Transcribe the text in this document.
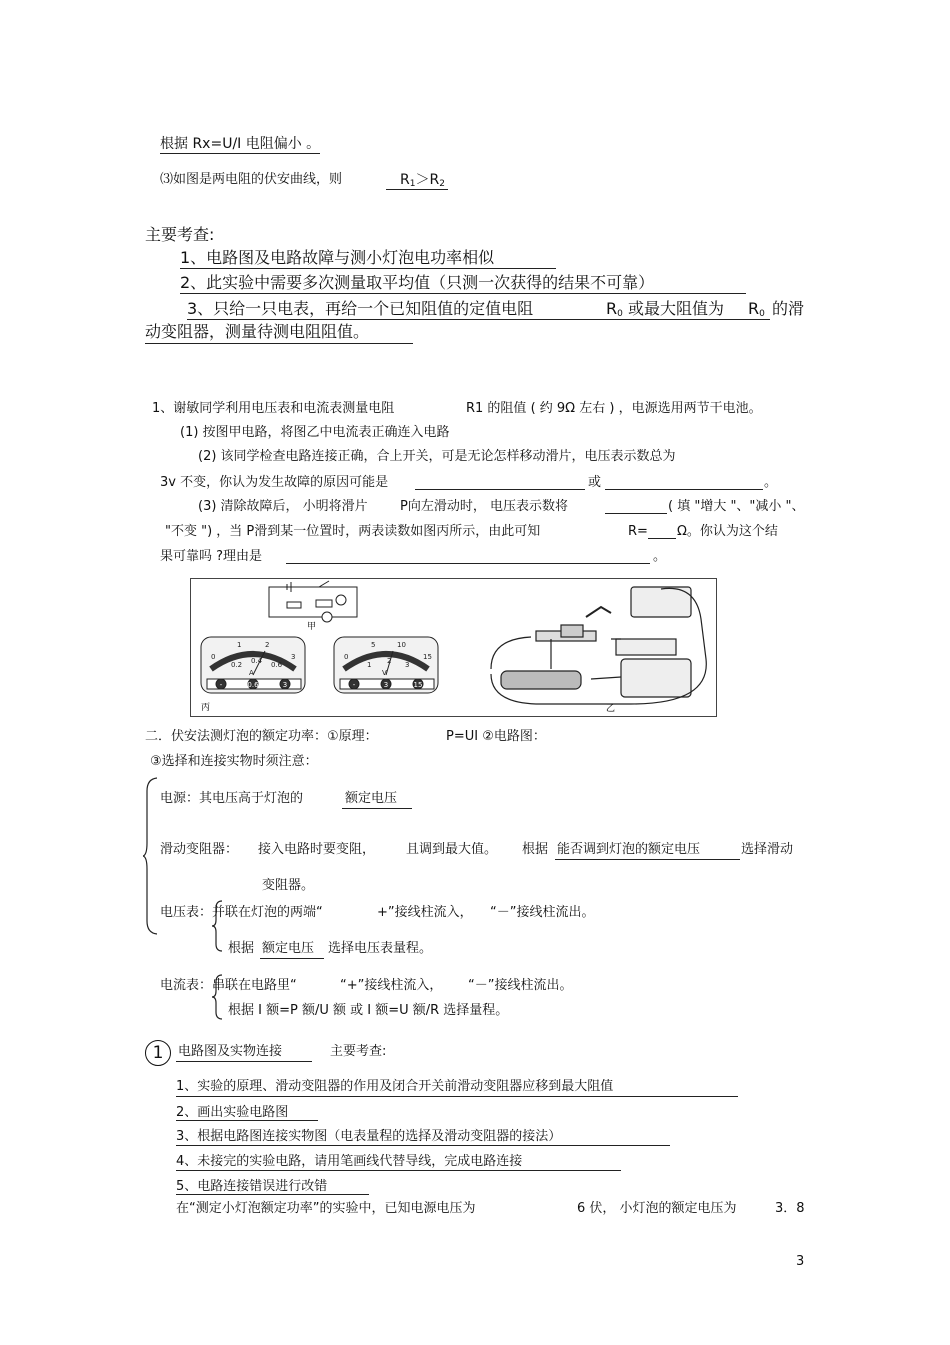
根据 Rx=U/I 电阻偏小 。
⑶如图是两电阻的伏安曲线，则	$R_1>R_2$
主要考查:
1、电路图及电路故障与测小灯泡电功率相似
2、此实验中需要多次测量取平均值（只测一次获得的结果不可靠）
3、只给一只电表，再给一个已知阻值的定值电阻	$R_0$ 或最大阻值为 $R_0$ 的滑
动变阻器，测量待测电阻阻值。
1、谢敏同学利用电压表和电流表测量电阻	R1 的阻值 ( 约 9Ω 左右 ) ，电源选用两节干电池。
(1) 按图甲电路，将图乙中电流表正确连入电路
(2) 该同学检查电路连接正确，合上开关，可是无论怎样移动滑片，电压表示数总为
3v 不变，你认为发生故障的原因可能是	或	。
(3) 清除故障后， 小明将滑片 P向左滑动时， 电压表示数将	( 填 "增大 "、"减小 "、
"不变 ") ，当 P滑到某一位置时，两表读数如图丙所示，由此可知	R= Ω。你认为这个结
果可靠吗 ?理由是	。
甲
0
1	2
3
0.2 0.4 0.6
A
-	0.6	3
0
5	10
15
1 2 3
V
-	3	15
丙	乙
二．伏安法测灯泡的额定功率：①原理：	P=UI ②电路图：
③选择和连接实物时须注意：
电源：其电压高于灯泡的	额定电压
滑动变阻器： 接入电路时要变阻， 且调到最大值。 根据 能否调到灯泡的额定电压	选择滑动
变阻器。
电压表：并联在灯泡的两端“	+”接线柱流入， “－”接线柱流出。
根据 额定电压 选择电压表量程。
电流表：串联在电路里“	“+”接线柱流入， “－”接线柱流出。
根据 I 额=P 额/U 额 或 I 额=U 额/R 选择量程。
1	电路图及实物连接	主要考查:
1、实验的原理、滑动变阻器的作用及闭合开关前滑动变阻器应移到最大阻值
2、画出实验电路图
3、根据电路图连接实物图（电表量程的选择及滑动变阻器的接法）
4、未接完的实验电路，请用笔画线代替导线，完成电路连接
5、电路连接错误进行改错
在“测定小灯泡额定功率”的实验中，已知电源电压为	6 伏， 小灯泡的额定电压为	3．8
3
